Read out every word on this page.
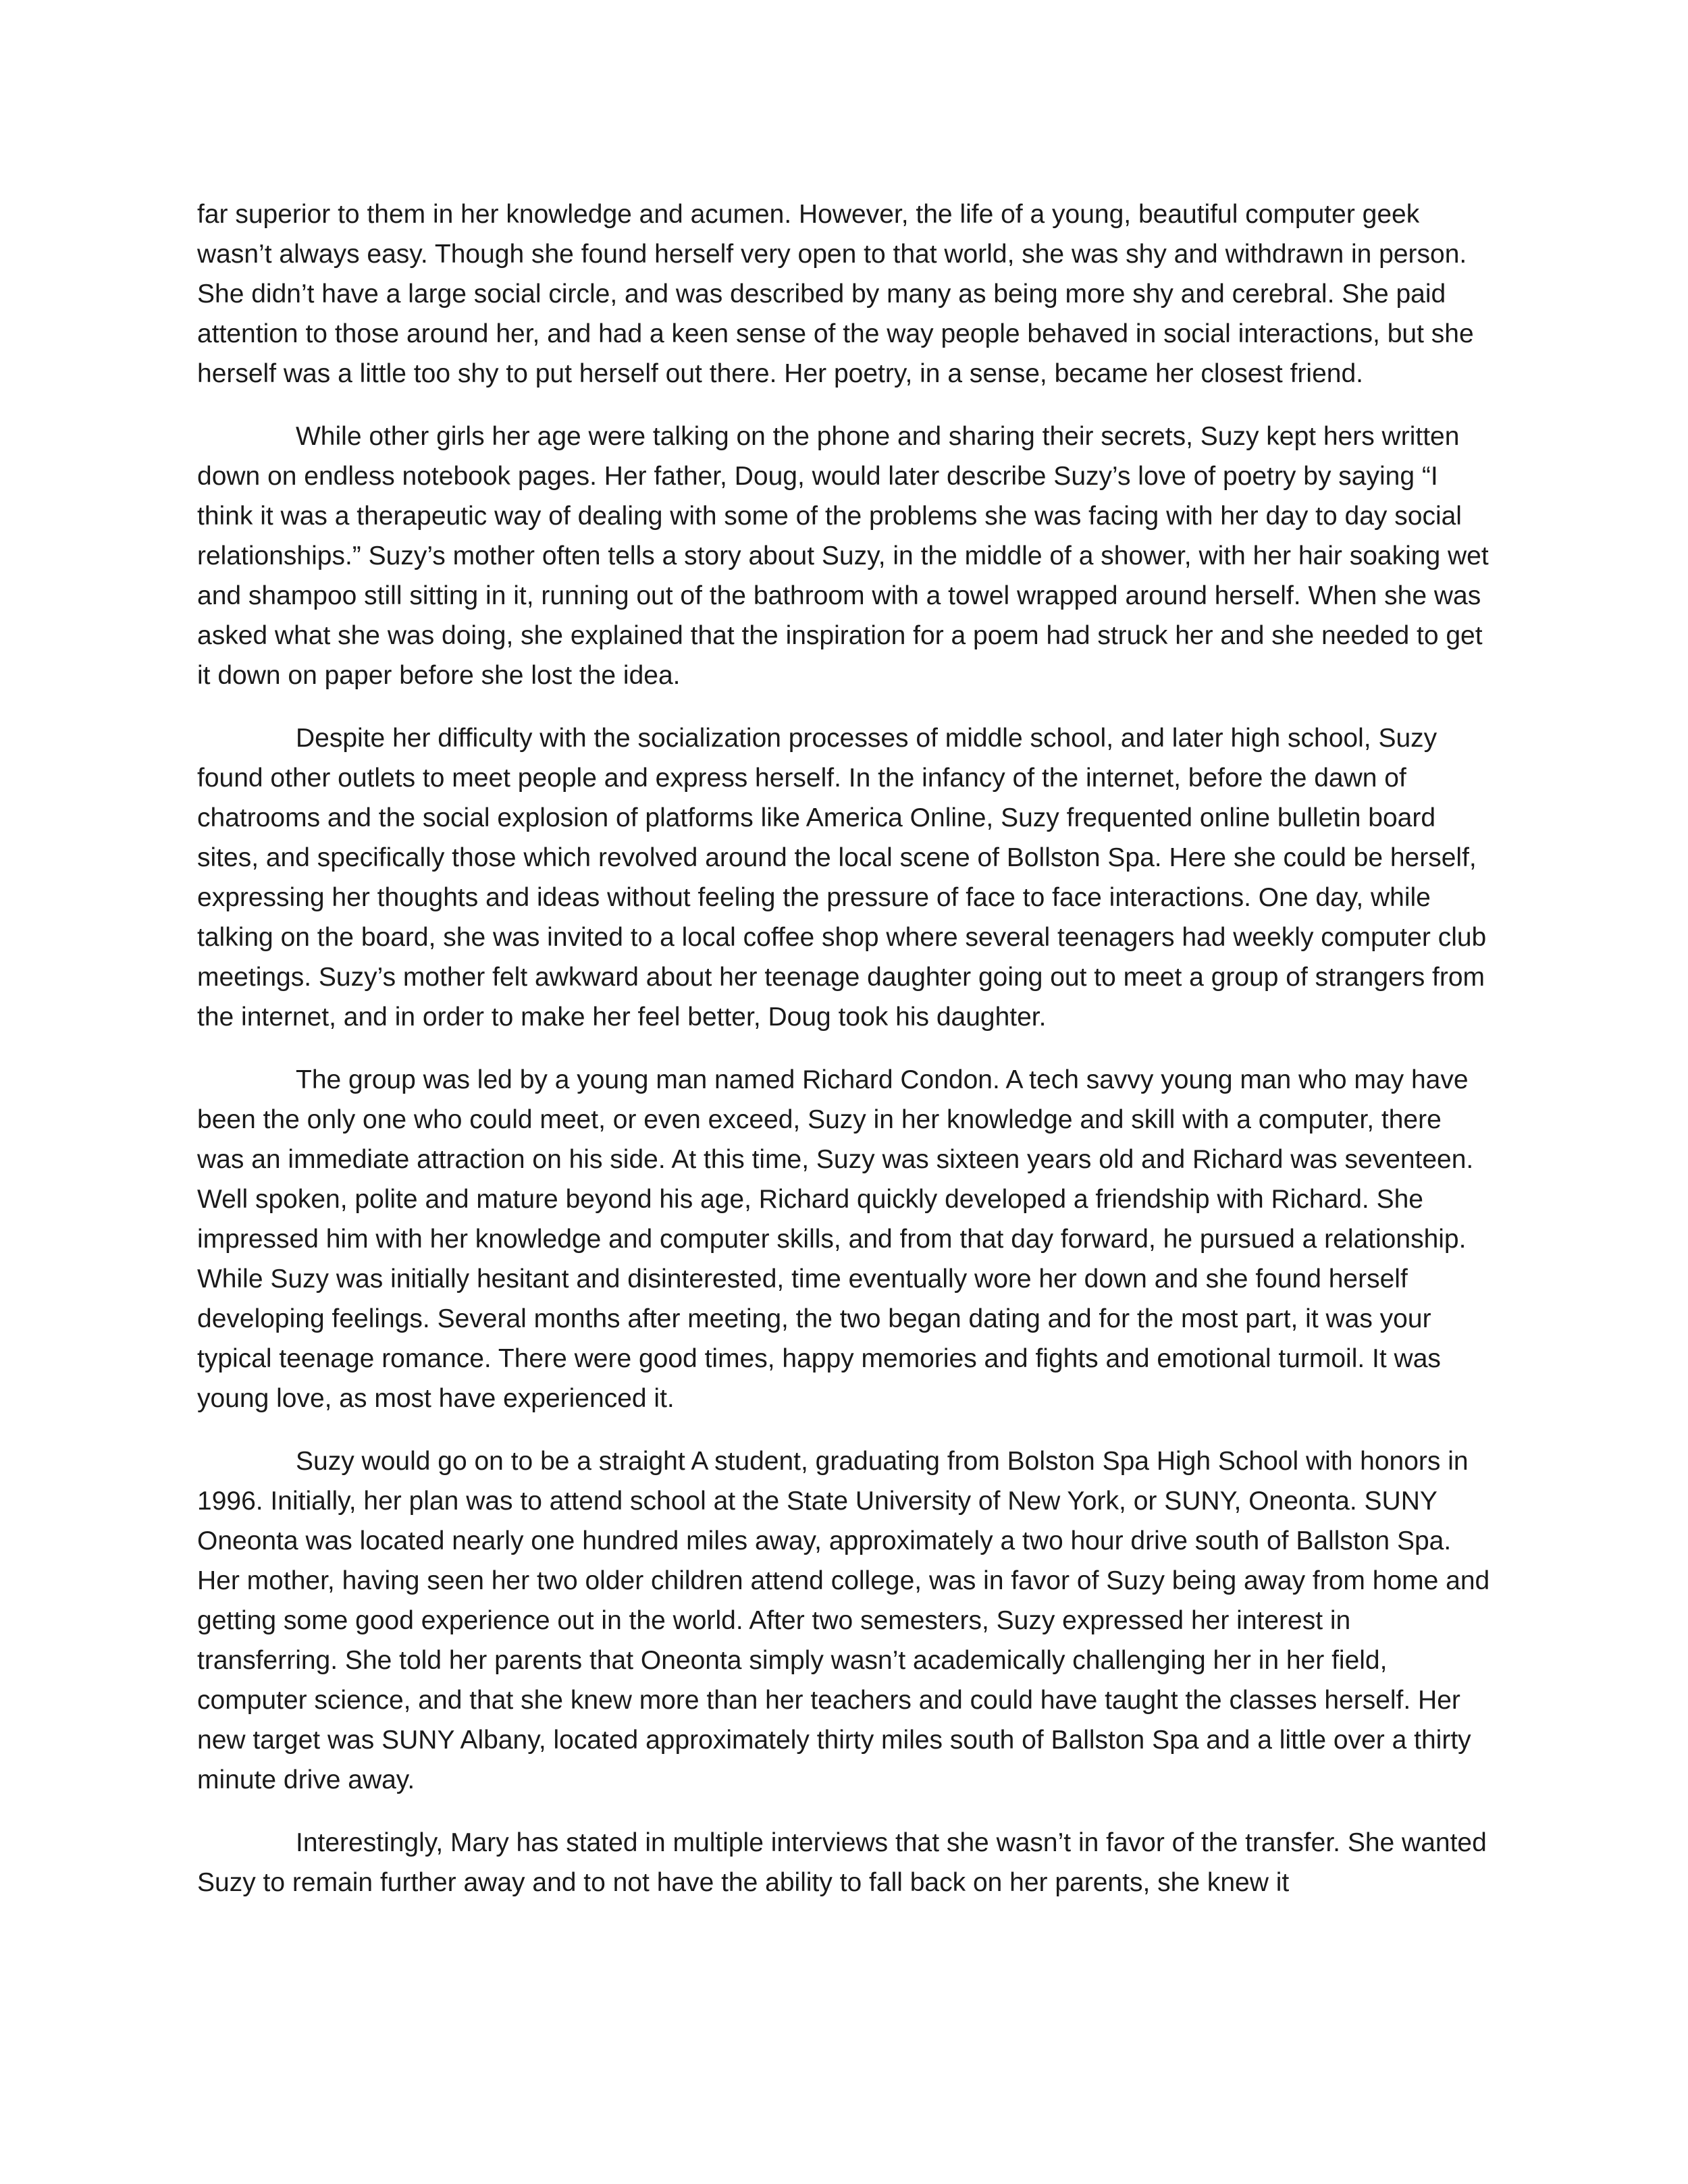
far superior to them in her knowledge and acumen. However, the life of a young, beautiful computer geek wasn’t always easy. Though she found herself very open to that world, she was shy and withdrawn in person. She didn’t have a large social circle, and was described by many as being more shy and cerebral. She paid attention to those around her, and had a keen sense of the way people behaved in social interactions, but she herself was a little too shy to put herself out there. Her poetry, in a sense, became her closest friend.

While other girls her age were talking on the phone and sharing their secrets, Suzy kept hers written down on endless notebook pages. Her father, Doug, would later describe Suzy’s love of poetry by saying “I think it was a therapeutic way of dealing with some of the problems she was facing with her day to day social relationships.” Suzy’s mother often tells a story about Suzy, in the middle of a shower, with her hair soaking wet and shampoo still sitting in it, running out of the bathroom with a towel wrapped around herself. When she was asked what she was doing, she explained that the inspiration for a poem had struck her and she needed to get it down on paper before she lost the idea.

Despite her difficulty with the socialization processes of middle school, and later high school, Suzy found other outlets to meet people and express herself. In the infancy of the internet, before the dawn of chatrooms and the social explosion of platforms like America Online, Suzy frequented online bulletin board sites, and specifically those which revolved around the local scene of Bollston Spa. Here she could be herself, expressing her thoughts and ideas without feeling the pressure of face to face interactions. One day, while talking on the board, she was invited to a local coffee shop where several teenagers had weekly computer club meetings. Suzy’s mother felt awkward about her teenage daughter going out to meet a group of strangers from the internet, and in order to make her feel better, Doug took his daughter.

The group was led by a young man named Richard Condon. A tech savvy young man who may have been the only one who could meet, or even exceed, Suzy in her knowledge and skill with a computer, there was an immediate attraction on his side. At this time, Suzy was sixteen years old and Richard was seventeen. Well spoken, polite and mature beyond his age, Richard quickly developed a friendship with Richard. She impressed him with her knowledge and computer skills, and from that day forward, he pursued a relationship. While Suzy was initially hesitant and disinterested, time eventually wore her down and she found herself developing feelings. Several months after meeting, the two began dating and for the most part, it was your typical teenage romance. There were good times, happy memories and fights and emotional turmoil. It was young love, as most have experienced it.

Suzy would go on to be a straight A student, graduating from Bolston Spa High School with honors in 1996. Initially, her plan was to attend school at the State University of New York, or SUNY, Oneonta. SUNY Oneonta was located nearly one hundred miles away, approximately a two hour drive south of Ballston Spa. Her mother, having seen her two older children attend college, was in favor of Suzy being away from home and getting some good experience out in the world. After two semesters, Suzy expressed her interest in transferring. She told her parents that Oneonta simply wasn’t academically challenging her in her field, computer science, and that she knew more than her teachers and could have taught the classes herself. Her new target was SUNY Albany, located approximately thirty miles south of Ballston Spa and a little over a thirty minute drive away.

Interestingly, Mary has stated in multiple interviews that she wasn’t in favor of the transfer. She wanted Suzy to remain further away and to not have the ability to fall back on her parents, she knew it
